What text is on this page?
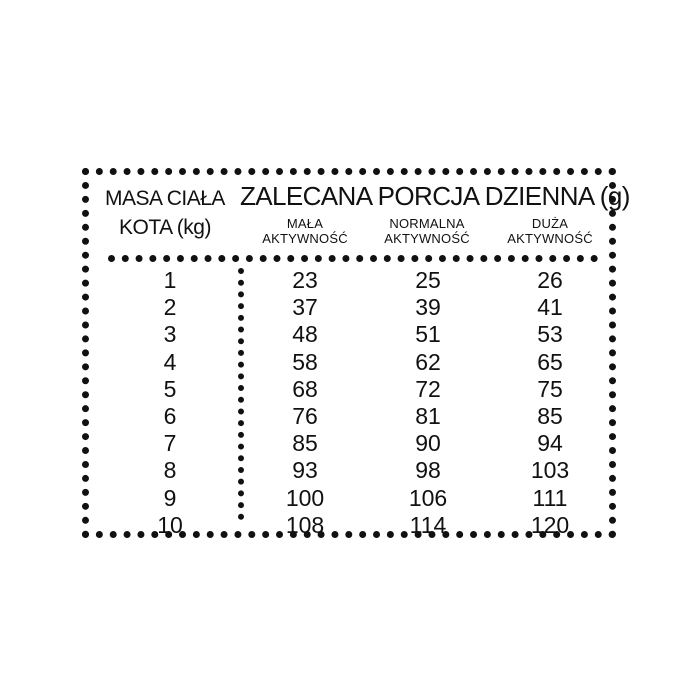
MASA CIAŁA
KOTA (kg)
ZALECANA PORCJA DZIENNA (g)
MAŁA
AKTYWNOŚĆ
NORMALNA
AKTYWNOŚĆ
DUŻA
AKTYWNOŚĆ
1
2
3
4
5
6
7
8
9
10
23
37
48
58
68
76
85
93
100
108
25
39
51
62
72
81
90
98
106
114
26
41
53
65
75
85
94
103
111
120
